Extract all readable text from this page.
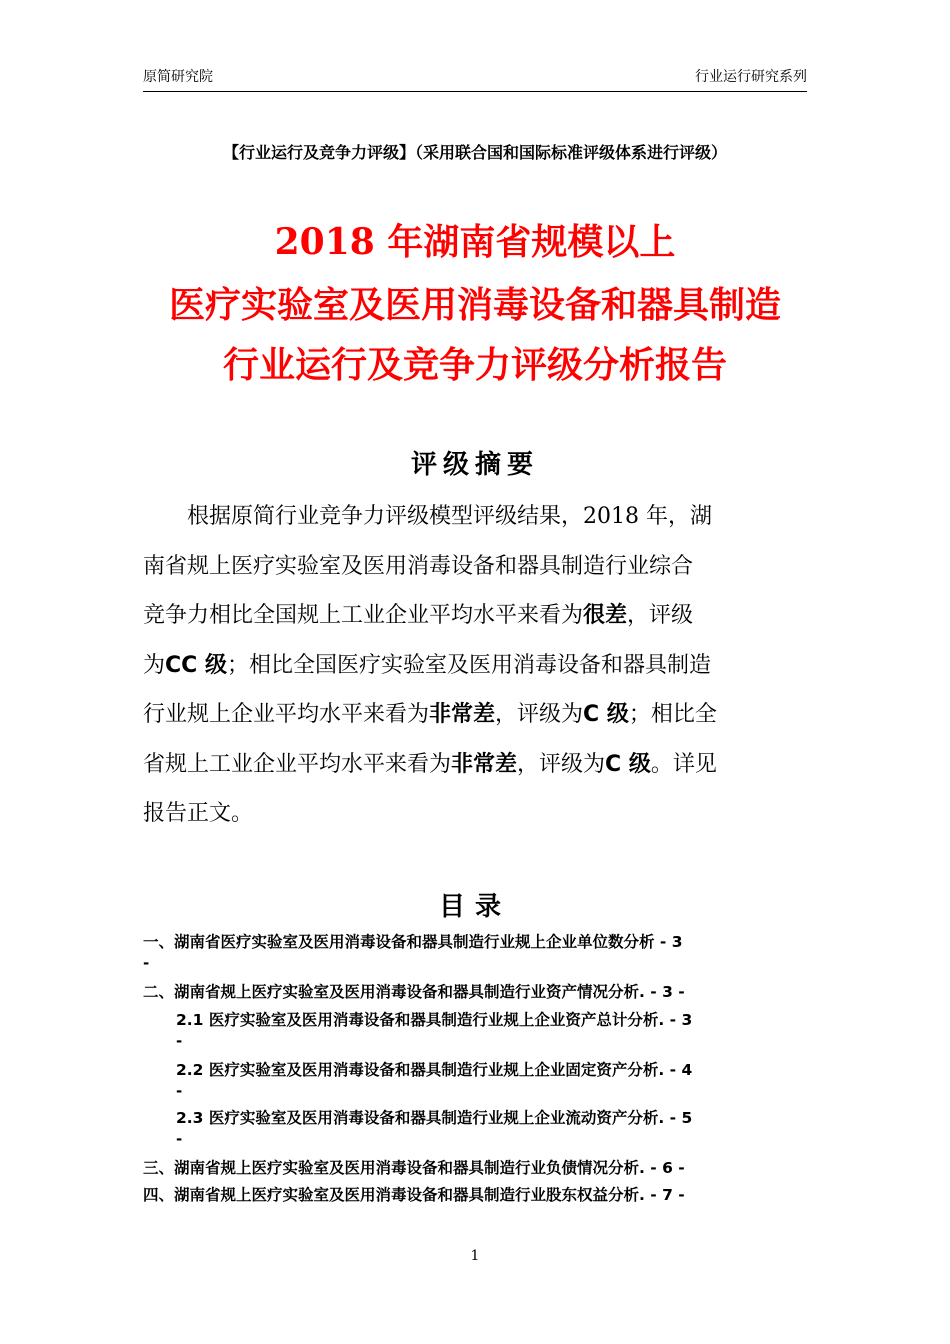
原简研究院	行业运行研究系列
【行业运行及竞争力评级】（采用联合国和国际标准评级体系进行评级）
2018 年湖南省规模以上
医疗实验室及医用消毒设备和器具制造
行业运行及竞争力评级分析报告
评级摘要
根据原简行业竞争力评级模型评级结果，2018 年，湖
南省规上医疗实验室及医用消毒设备和器具制造行业综合
竞争力相比全国规上工业企业平均水平来看为很差，评级
为CC 级；相比全国医疗实验室及医用消毒设备和器具制造
行业规上企业平均水平来看为非常差，评级为C 级；相比全
省规上工业企业平均水平来看为非常差，评级为C 级。详见
报告正文。
目录
一、湖南省医疗实验室及医用消毒设备和器具制造行业规上企业单位数分析 - 3
-
二、湖南省规上医疗实验室及医用消毒设备和器具制造行业资产情况分析. - 3 -
2.1 医疗实验室及医用消毒设备和器具制造行业规上企业资产总计分析. - 3
-
2.2 医疗实验室及医用消毒设备和器具制造行业规上企业固定资产分析. - 4
-
2.3 医疗实验室及医用消毒设备和器具制造行业规上企业流动资产分析. - 5
-
三、湖南省规上医疗实验室及医用消毒设备和器具制造行业负债情况分析. - 6 -
四、湖南省规上医疗实验室及医用消毒设备和器具制造行业股东权益分析. - 7 -
1
